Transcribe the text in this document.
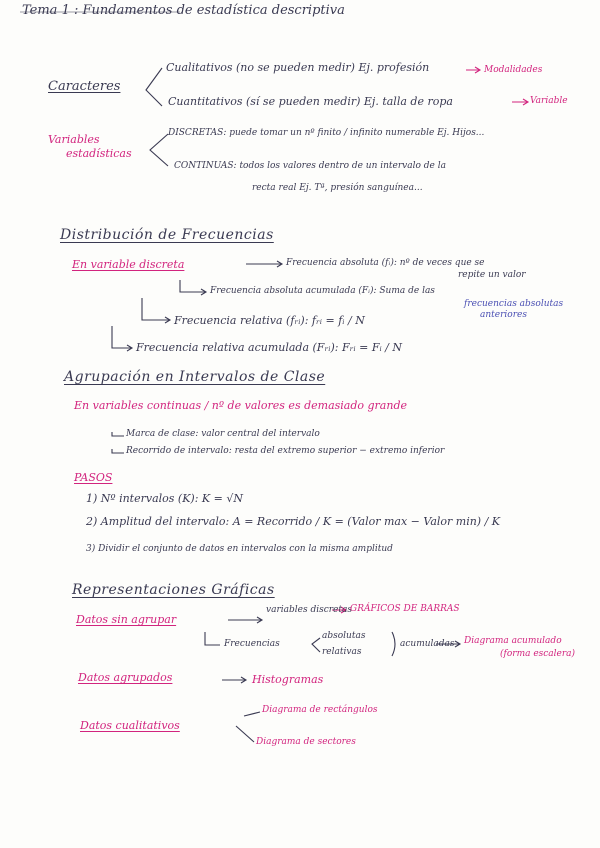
Tema 1 : Fundamentos de estadística descriptiva
Caracteres
Cualitativos (no se pueden medir) Ej. profesión	Modalidades
Cuantitativos (sí se pueden medir) Ej. talla de ropa	Variable
Variables
estadísticas
DISCRETAS: puede tomar un nº finito / infinito numerable Ej. Hijos...
CONTINUAS: todos los valores dentro de un intervalo de la
recta real Ej. Tª, presión sanguínea...
Distribución de Frecuencias
En variable discreta	Frecuencia absoluta (fᵢ): nº de veces que se
repite un valor
Frecuencia absoluta acumulada (Fᵢ): Suma de las
frecuencias absolutas
anteriores
Frecuencia relativa (fᵣᵢ): fᵣᵢ = fᵢ / N
Frecuencia relativa acumulada (Fᵣᵢ): Fᵣᵢ = Fᵢ / N
Agrupación en Intervalos de Clase
En variables continuas / nº de valores es demasiado grande
Marca de clase: valor central del intervalo
Recorrido de intervalo: resta del extremo superior − extremo inferior
PASOS
1) Nº intervalos (K): K = √N
2) Amplitud del intervalo: A = Recorrido / K = (Valor max − Valor min) / K
3) Dividir el conjunto de datos en intervalos con la misma amplitud
Representaciones Gráficas
Datos sin agrupar
variables discretas
GRÁFICOS DE BARRAS
Frecuencias
absolutas
relativas
acumuladas Diagrama acumulado
(forma escalera)
Datos agrupados	Histogramas
Datos cualitativos
Diagrama de rectángulos
Diagrama de sectores
